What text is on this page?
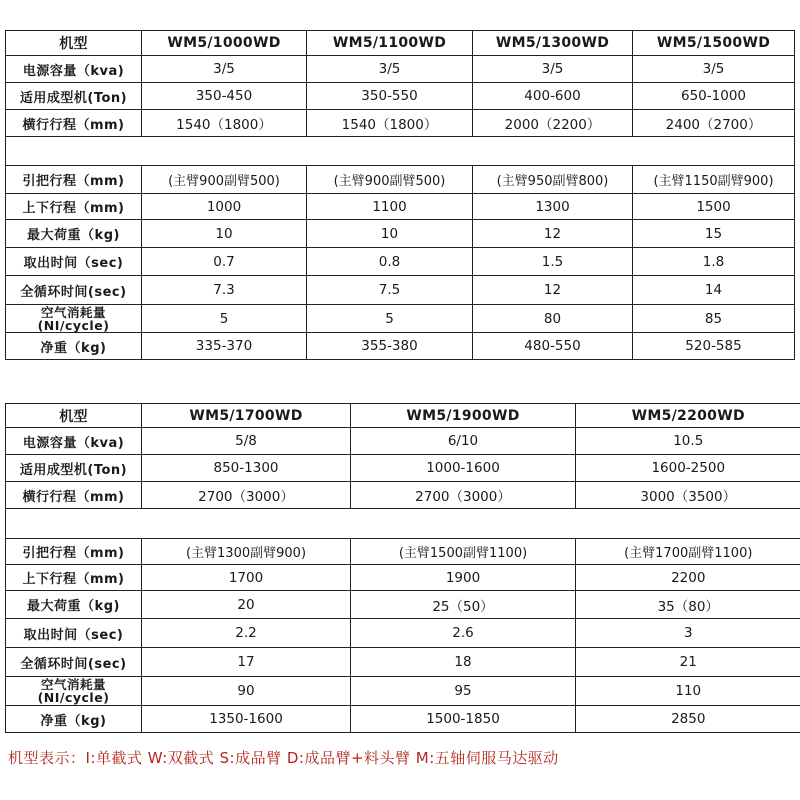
机型	WM5/1000WD	WM5/1100WD	WM5/1300WD	WM5/1500WD
电源容量（kva)	3/5	3/5	3/5	3/5
适用成型机(Ton)	350-450	350-550	400-600	650-1000
横行行程（mm)	1540（1800）	1540（1800）	2000（2200）	2400（2700）

引把行程（mm)	(主臂900副臂500)	(主臂900副臂500)	(主臂950副臂800)	(主臂1150副臂900)
上下行程（mm)	1000	1100	1300	1500
最大荷重（kg)	10	10	12	15
取出时间（sec)	0.7	0.8	1.5	1.8
全循环时间(sec)	7.3	7.5	12	14

空气消耗量
(NI/cycle)	5	5	80	85
净重（kg)	335-370	355-380	480-550	520-585
机型	WM5/1700WD	WM5/1900WD	WM5/2200WD
电源容量（kva)	5/8	6/10	10.5
适用成型机(Ton)	850-1300	1000-1600	1600-2500
横行行程（mm)	2700（3000）	2700（3000）	3000（3500）

引把行程（mm)	(主臂1300副臂900)	(主臂1500副臂1100)	(主臂1700副臂1100)
上下行程（mm)	1700	1900	2200
最大荷重（kg)	20	25（50）	35（80）
取出时间（sec)	2.2	2.6	3
全循环时间(sec)	17	18	21

空气消耗量
(NI/cycle)	90	95	110
净重（kg)	1350-1600	1500-1850	2850
机型表示：I:单截式 W:双截式 S:成品臂 D:成品臂+料头臂 M:五轴伺服马达驱动
